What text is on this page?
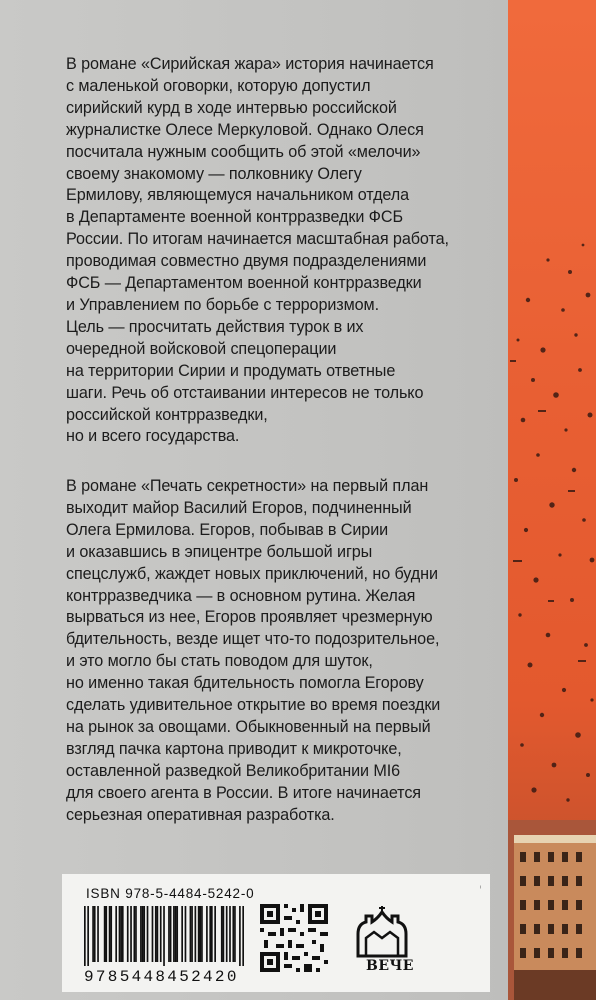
В романе «Сирийская жара» история начинается
с маленькой оговорки, которую допустил
сирийский курд в ходе интервью российской
журналистке Олесе Меркуловой. Однако Олеся
посчитала нужным сообщить об этой «мелочи»
своему знакомому — полковнику Олегу
Ермилову, являющемуся начальником отдела
в Департаменте военной контрразведки ФСБ
России. По итогам начинается масштабная работа,
проводимая совместно двумя подразделениями
ФСБ — Департаментом военной контрразведки
и Управлением по борьбе с терроризмом.
Цель — просчитать действия турок в их
очередной войсковой спецоперации
на территории Сирии и продумать ответные
шаги. Речь об отстаивании интересов не только
российской контрразведки,
но и всего государства.
В романе «Печать секретности» на первый план
выходит майор Василий Егоров, подчиненный
Олега Ермилова. Егоров, побывав в Сирии
и оказавшись в эпицентре большой игры
спецслужб, жаждет новых приключений, но будни
контрразведчика — в основном рутина. Желая
вырваться из нее, Егоров проявляет чрезмерную
бдительность, везде ищет что-то подозрительное,
и это могло бы стать поводом для шуток,
но именно такая бдительность помогла Егорову
сделать удивительное открытие во время поездки
на рынок за овощами. Обыкновенный на первый
взгляд пачка картона приводит к микроточке,
оставленной разведкой Великобритании MI6
для своего агента в России. В итоге начинается
серьезная оперативная разработка.
ISBN 978-5-4484-5242-0	ⁱ
9785448452420
ВЕЧЕ
